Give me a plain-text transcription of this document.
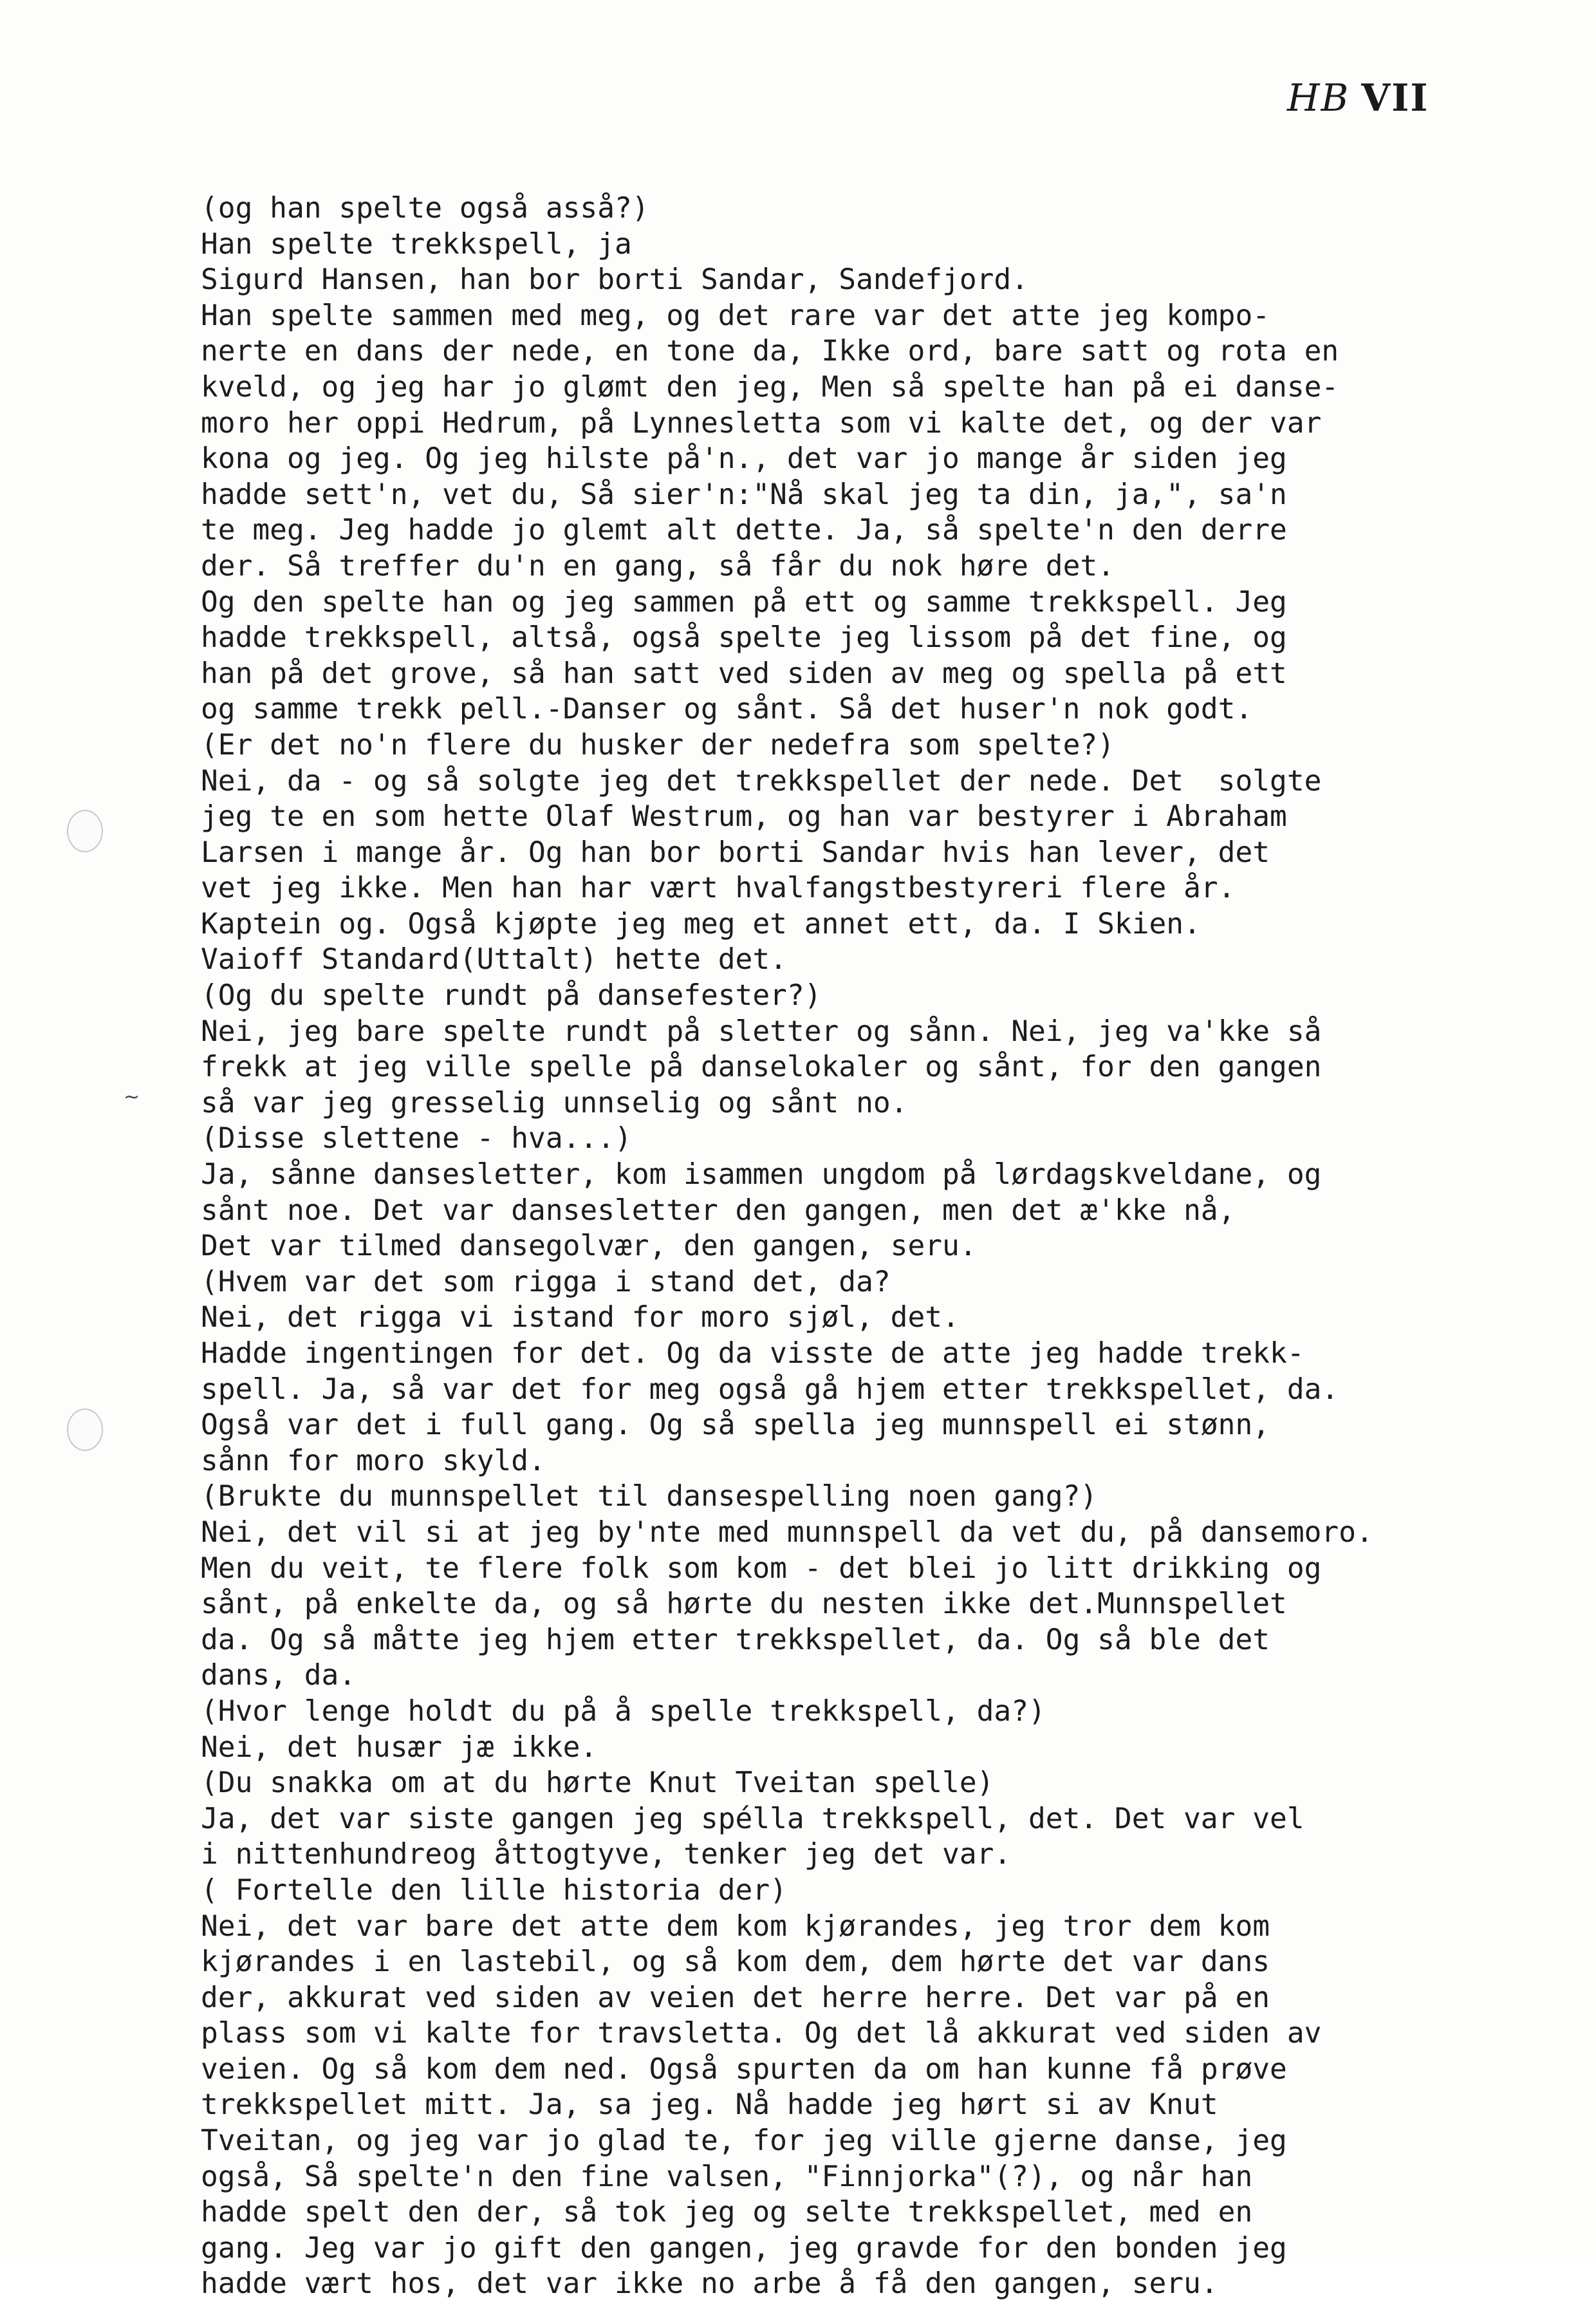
HB VII
~
(og han spelte også asså?)
Han spelte trekkspell, ja
Sigurd Hansen, han bor borti Sandar, Sandefjord.
Han spelte sammen med meg, og det rare var det atte jeg kompo-
nerte en dans der nede, en tone da, Ikke ord, bare satt og rota en
kveld, og jeg har jo glømt den jeg, Men så spelte han på ei danse-
moro her oppi Hedrum, på Lynnesletta som vi kalte det, og der var
kona og jeg. Og jeg hilste på'n., det var jo mange år siden jeg
hadde sett'n, vet du, Så sier'n:"Nå skal jeg ta din, ja,", sa'n
te meg. Jeg hadde jo glemt alt dette. Ja, så spelte'n den derre
der. Så treffer du'n en gang, så får du nok høre det.
Og den spelte han og jeg sammen på ett og samme trekkspell. Jeg
hadde trekkspell, altså, også spelte jeg lissom på det fine, og
han på det grove, så han satt ved siden av meg og spella på ett
og samme trekk pell.-Danser og sånt. Så det huser'n nok godt.
(Er det no'n flere du husker der nedefra som spelte?)
Nei, da - og så solgte jeg det trekkspellet der nede. Det  solgte
jeg te en som hette Olaf Westrum, og han var bestyrer i Abraham
Larsen i mange år. Og han bor borti Sandar hvis han lever, det
vet jeg ikke. Men han har vært hvalfangstbestyreri flere år.
Kaptein og. Også kjøpte jeg meg et annet ett, da. I Skien.
Vaioff Standard(Uttalt) hette det.
(Og du spelte rundt på dansefester?)
Nei, jeg bare spelte rundt på sletter og sånn. Nei, jeg va'kke så
frekk at jeg ville spelle på danselokaler og sånt, for den gangen
så var jeg gresselig unnselig og sånt no.
(Disse slettene - hva...)
Ja, sånne dansesletter, kom isammen ungdom på lørdagskveldane, og
sånt noe. Det var dansesletter den gangen, men det æ'kke nå,
Det var tilmed dansegolvær, den gangen, seru.
(Hvem var det som rigga i stand det, da?
Nei, det rigga vi istand for moro sjøl, det.
Hadde ingentingen for det. Og da visste de atte jeg hadde trekk-
spell. Ja, så var det for meg også gå hjem etter trekkspellet, da.
Også var det i full gang. Og så spella jeg munnspell ei stønn,
sånn for moro skyld.
(Brukte du munnspellet til dansespelling noen gang?)
Nei, det vil si at jeg by'nte med munnspell da vet du, på dansemoro.
Men du veit, te flere folk som kom - det blei jo litt drikking og
sånt, på enkelte da, og så hørte du nesten ikke det.Munnspellet
da. Og så måtte jeg hjem etter trekkspellet, da. Og så ble det
dans, da.
(Hvor lenge holdt du på å spelle trekkspell, da?)
Nei, det husær jæ ikke.
(Du snakka om at du hørte Knut Tveitan spelle)
Ja, det var siste gangen jeg spélla trekkspell, det. Det var vel
i nittenhundreog åttogtyve, tenker jeg det var.
( Fortelle den lille historia der)
Nei, det var bare det atte dem kom kjørandes, jeg tror dem kom
kjørandes i en lastebil, og så kom dem, dem hørte det var dans
der, akkurat ved siden av veien det herre herre. Det var på en
plass som vi kalte for travsletta. Og det lå akkurat ved siden av
veien. Og så kom dem ned. Også spurten da om han kunne få prøve
trekkspellet mitt. Ja, sa jeg. Nå hadde jeg hørt si av Knut
Tveitan, og jeg var jo glad te, for jeg ville gjerne danse, jeg
også, Så spelte'n den fine valsen, "Finnjorka"(?), og når han
hadde spelt den der, så tok jeg og selte trekkspellet, med en
gang. Jeg var jo gift den gangen, jeg gravde for den bonden jeg
hadde vært hos, det var ikke no arbe å få den gangen, seru.
